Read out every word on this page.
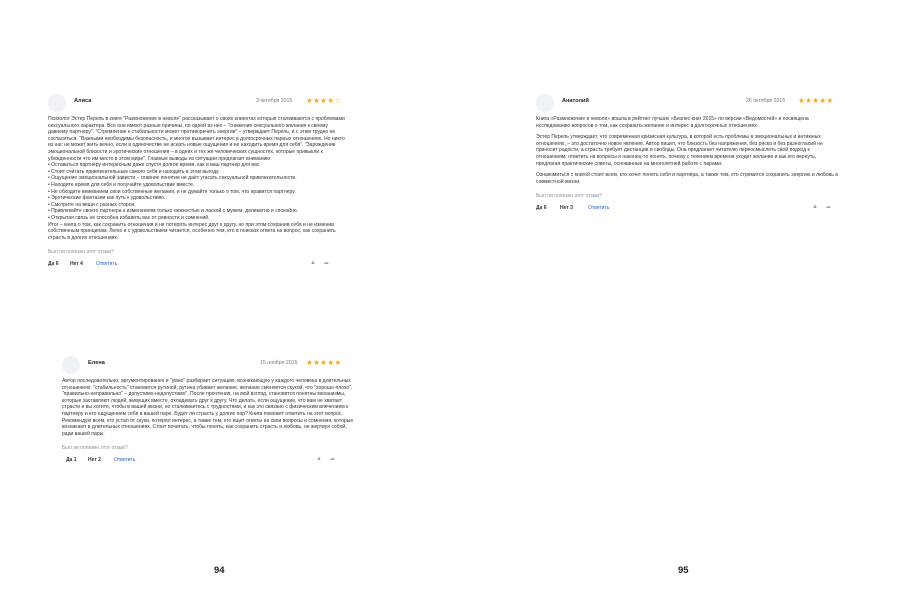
Алиса	3 октября 2015 ★★★★☆

Психолог Эстер Перель в книге "Размножение в неволе" рассказывает о своих клиентах которые сталкиваются с проблемами сексуального характера. Все они имеют разные причины, по одной из них – "снижение сексуального желания к своему давнему партнеру". "Стремление к стабильности может противоречить энергии" – утверждает Перель, и с этим трудно не согласиться. "Важными необходимы безопасность, и многое вызывает интерес в долгосрочных парных отношениях. Но никто из нас не может жить вечно, если в одиночестве не искать новые ощущения и не находить время для себя". "Зарождение эмоциональной близости и эротические отношения – в одних и тех же человеческих сущностях, которые привыкли к убежденности что им место в этом мире". Главные выводы из ситуации предлагает вниманию:

• Оставаться партнёру интересным даже спустя долгое время, как и ваш партнер для вас.

• Стоит считать привлекательным самого себя и находить в этом выгоду.

• Ощущение эмоциональной зависти – главное понятие не даёт угасать сексуальной привлекательности.

• Находите время для себя и получайте удовольствие вместе.

• Не обходите вниманием свои собственные желания, и не думайте только о том, что нравится партнеру.

• Эротические фантазии как путь к удовольствию.

• Смотрите на вещи с разных сторон.

• Привлекайте своего партнера к изменениям только нежностью и лаской с мужем, деликатно и спокойно.

• Открытая связь не способна избавить вас от ревности и сомнений.

Итог – книга о том, как сохранить отношения и не потерять интерес друг к другу, но при этом сохранив себя и не изменив собственным принципам. Легко и с удовольствием читается, особенно тем, кто в поисках ответа на вопрос, как сохранить страсть в долгих отношениях.

Был ли полезен этот отзыв?
Да 6 Нет 4	Ответить	▲ ➦
Елена	15 ноября 2015 ★★★★★

Автор последовательно, аргументированно и "умно" разбирает ситуацию, возникающую у каждого человека в длительных отношениях: "стабильность" становится рутиной, рутина убивает желание, желание сменяется скукой, что "хорошо-плохо", "правильно-неправильно" – допустимо-недопустимо". После прочтения, на мой взгляд, становятся понятны механизмы, которые заставляют людей, живущих вместе, охладевать друг к другу. Что делать, если ощущение, что вам не хватает страсти и вы хотите, чтобы в вашей жизни, но сталкиваетесь с трудностями, и как это связано с физическим влечением к партнеру и его ощущением себя в вашей паре. Будет ли страсть у долгих пар? Книга поможет ответить на этот вопрос.

Рекомендую всем, кто устал от скуки, потерял интерес, а также тем, кто ищет ответы на свои вопросы и сомнения, которые возникают в длительных отношениях. Стоит почитать, чтобы понять, как сохранить страсть и любовь, не жертвуя собой, ради вашей пары.

Был ли полезен этот отзыв?
Да 1 Нет 2	Ответить	▲ ➦
94
Анатолий	26 октября 2015 ★★★★★

Книга «Размножение в неволе» вошла в рейтинг лучших «Бизнес-книг 2015» по версии «Ведомостей» и посвящена исследованию вопросов о том, как сохранить желание и интерес в долгосрочных отношениях.

Эстер Перель утверждает, что современная кризисная культура, в которой есть проблемы в эмоциональных и интимных отношениях, – это достаточно новое явление. Автор пишет, что близость без напряжения, без риска и без разногласий не приносит радости, а страсть требует дистанции и свободы. Она предлагает читателю переосмыслить свой подход к отношениям, ответить на вопросы и наконец-то понять, почему с течением времени уходит желание и как его вернуть, предлагая практические советы, основанные на многолетней работе с парами.

Ознакомиться с книгой стоит всем, кто хочет понять себя и партнёра, а также тем, кто стремится сохранить энергию и любовь в совместной жизни.

Был ли полезен этот отзыв?
Да 6	Нет 3	Ответить	▲ ➦
95
